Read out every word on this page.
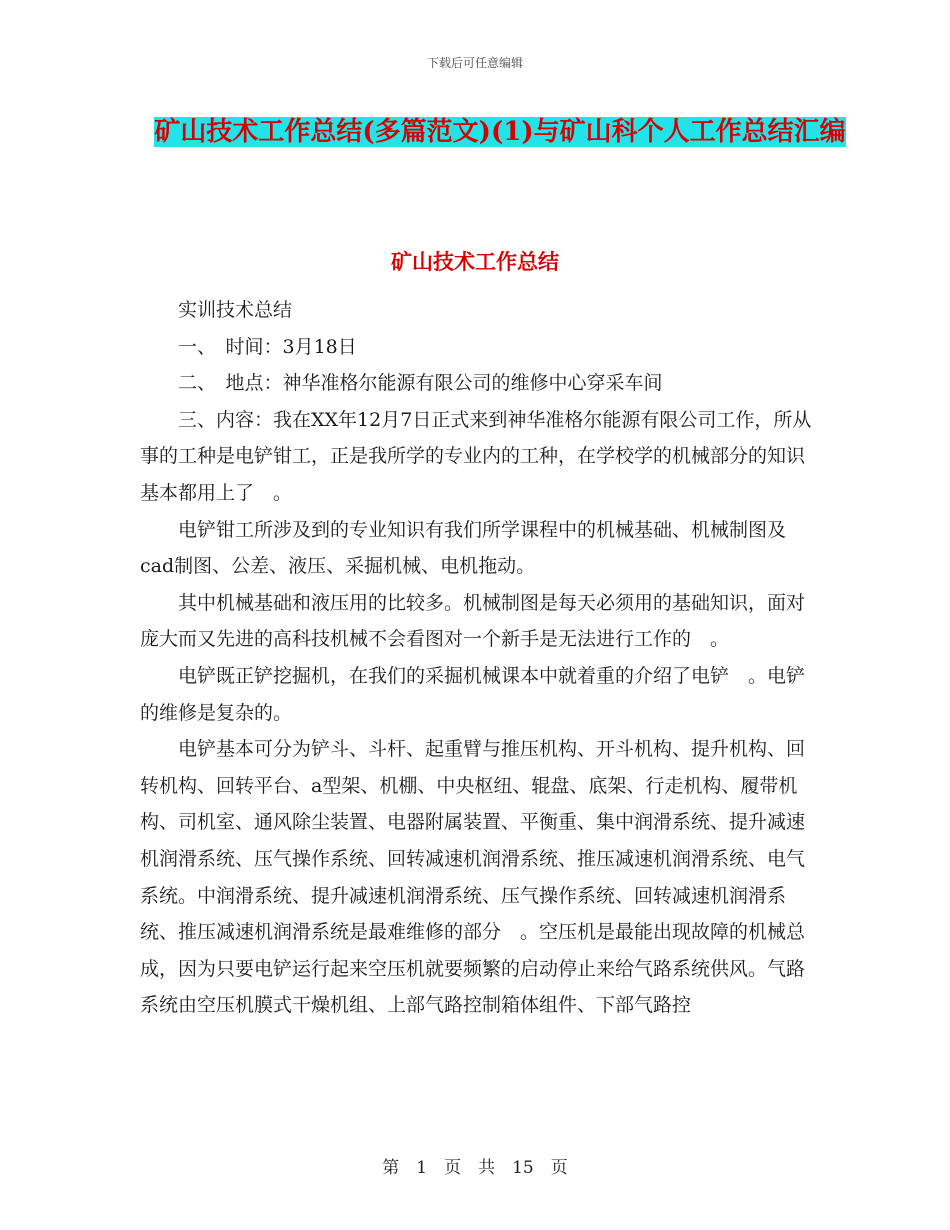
下载后可任意编辑
矿山技术工作总结(多篇范文)(1)与矿山科个人工作总结汇编
矿山技术工作总结

实训技术总结

一、　时间：3月18日

二、　地点：神华准格尔能源有限公司的维修中心穿采车间

三、内容：我在XX年12月7日正式来到神华准格尔能源有限公司工作，所从事的工种是电铲钳工，正是我所学的专业内的工种，在学校学的机械部分的知识基本都用上了　。

电铲钳工所涉及到的专业知识有我们所学课程中的机械基础、机械制图及cad制图、公差、液压、采掘机械、电机拖动。

其中机械基础和液压用的比较多。机械制图是每天必须用的基础知识，面对庞大而又先进的高科技机械不会看图对一个新手是无法进行工作的　。

电铲既正铲挖掘机，在我们的采掘机械课本中就着重的介绍了电铲　。电铲的维修是复杂的。

电铲基本可分为铲斗、斗杆、起重臂与推压机构、开斗机构、提升机构、回转机构、回转平台、a型架、机棚、中央枢纽、辊盘、底架、行走机构、履带机构、司机室、通风除尘装置、电器附属装置、平衡重、集中润滑系统、提升减速机润滑系统、压气操作系统、回转减速机润滑系统、推压减速机润滑系统、电气系统。中润滑系统、提升减速机润滑系统、压气操作系统、回转减速机润滑系统、推压减速机润滑系统是最难维修的部分　。空压机是最能出现故障的机械总成，因为只要电铲运行起来空压机就要频繁的启动停止来给气路系统供风。气路系统由空压机膜式干燥机组、上部气路控制箱体组件、下部气路控

第　1　页　共　15　页
